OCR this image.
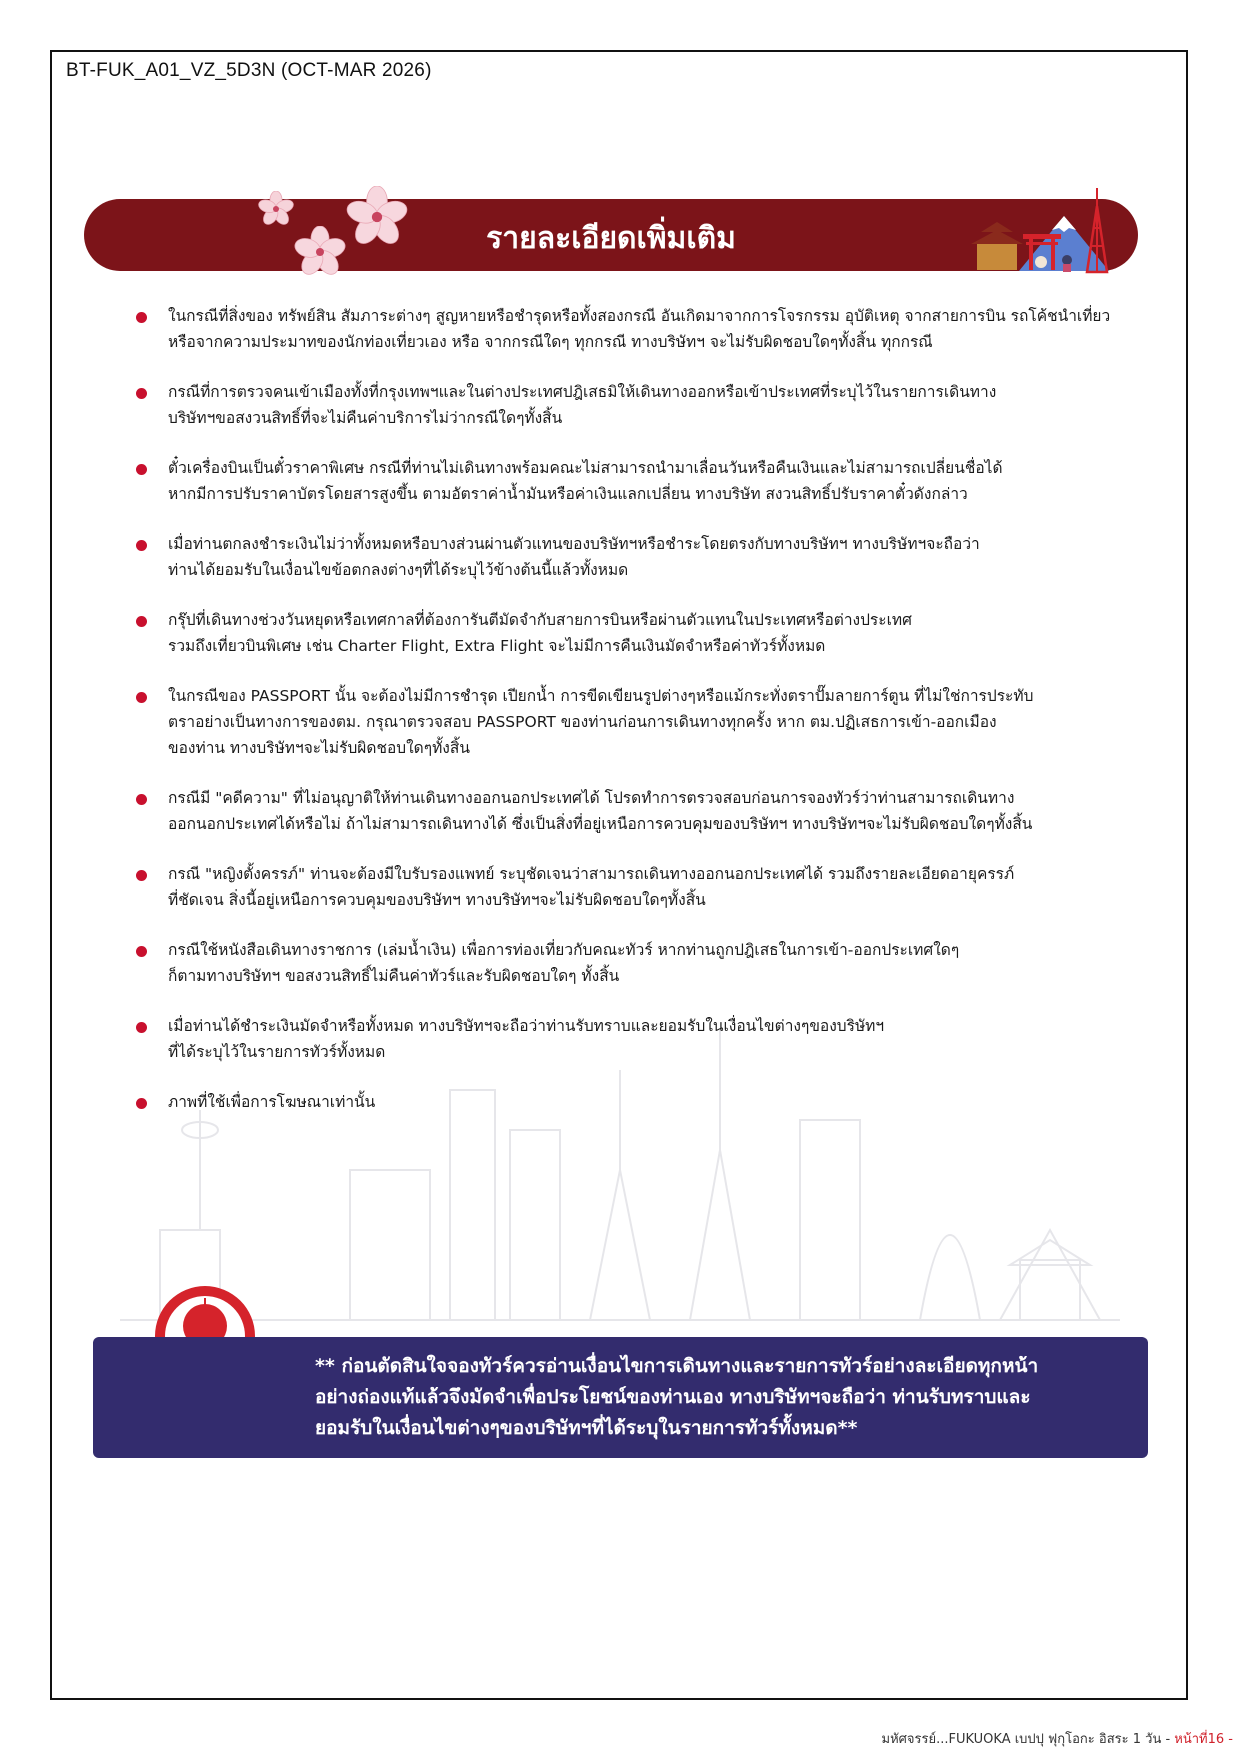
BT-FUK_A01_VZ_5D3N (OCT-MAR 2026)
รายละเอียดเพิ่มเติม
ในกรณีที่สิ่งของ ทรัพย์สิน สัมภาระต่างๆ สูญหายหรือชำรุดหรือทั้งสองกรณี อันเกิดมาจากการโจรกรรม อุบัติเหตุ จากสายการบิน รถโค้ชนำเที่ยว
หรือจากความประมาทของนักท่องเที่ยวเอง หรือ จากกรณีใดๆ ทุกกรณี ทางบริษัทฯ จะไม่รับผิดชอบใดๆทั้งสิ้น ทุกกรณี
กรณีที่การตรวจคนเข้าเมืองทั้งที่กรุงเทพฯและในต่างประเทศปฎิเสธมิให้เดินทางออกหรือเข้าประเทศที่ระบุไว้ในรายการเดินทาง
บริษัทฯขอสงวนสิทธิ์ที่จะไม่คืนค่าบริการไม่ว่ากรณีใดๆทั้งสิ้น
ตั๋วเครื่องบินเป็นตั๋วราคาพิเศษ กรณีที่ท่านไม่เดินทางพร้อมคณะไม่สามารถนำมาเลื่อนวันหรือคืนเงินและไม่สามารถเปลี่ยนชื่อได้
หากมีการปรับราคาบัตรโดยสารสูงขึ้น ตามอัตราค่าน้ำมันหรือค่าเงินแลกเปลี่ยน ทางบริษัท สงวนสิทธิ์ปรับราคาตั๋วดังกล่าว
เมื่อท่านตกลงชำระเงินไม่ว่าทั้งหมดหรือบางส่วนผ่านตัวแทนของบริษัทฯหรือชำระโดยตรงกับทางบริษัทฯ ทางบริษัทฯจะถือว่า
ท่านได้ยอมรับในเงื่อนไขข้อตกลงต่างๆที่ได้ระบุไว้ข้างต้นนี้แล้วทั้งหมด
กรุ๊ปที่เดินทางช่วงวันหยุดหรือเทศกาลที่ต้องการันตีมัดจำกับสายการบินหรือผ่านตัวแทนในประเทศหรือต่างประเทศ
รวมถึงเที่ยวบินพิเศษ เช่น Charter Flight, Extra Flight จะไม่มีการคืนเงินมัดจำหรือค่าทัวร์ทั้งหมด
ในกรณีของ PASSPORT นั้น จะต้องไม่มีการชำรุด เปียกน้ำ การขีดเขียนรูปต่างๆหรือแม้กระทั่งตราปั๊มลายการ์ตูน ที่ไม่ใช่การประทับ
ตราอย่างเป็นทางการของตม. กรุณาตรวจสอบ PASSPORT ของท่านก่อนการเดินทางทุกครั้ง หาก ตม.ปฏิเสธการเข้า-ออกเมือง
ของท่าน ทางบริษัทฯจะไม่รับผิดชอบใดๆทั้งสิ้น
กรณีมี "คดีความ" ที่ไม่อนุญาติให้ท่านเดินทางออกนอกประเทศได้ โปรดทำการตรวจสอบก่อนการจองทัวร์ว่าท่านสามารถเดินทาง
ออกนอกประเทศได้หรือไม่ ถ้าไม่สามารถเดินทางได้ ซึ่งเป็นสิ่งที่อยู่เหนือการควบคุมของบริษัทฯ ทางบริษัทฯจะไม่รับผิดชอบใดๆทั้งสิ้น
กรณี "หญิงตั้งครรภ์" ท่านจะต้องมีใบรับรองแพทย์ ระบุชัดเจนว่าสามารถเดินทางออกนอกประเทศได้ รวมถึงรายละเอียดอายุครรภ์
ที่ชัดเจน สิ่งนี้อยู่เหนือการควบคุมของบริษัทฯ ทางบริษัทฯจะไม่รับผิดชอบใดๆทั้งสิ้น
กรณีใช้หนังสือเดินทางราชการ (เล่มน้ำเงิน) เพื่อการท่องเที่ยวกับคณะทัวร์ หากท่านถูกปฎิเสธในการเข้า-ออกประเทศใดๆ
ก็ตามทางบริษัทฯ ขอสงวนสิทธิ์ไม่คืนค่าทัวร์และรับผิดชอบใดๆ ทั้งสิ้น
เมื่อท่านได้ชำระเงินมัดจำหรือทั้งหมด ทางบริษัทฯจะถือว่าท่านรับทราบและยอมรับในเงื่อนไขต่างๆของบริษัทฯ
ที่ได้ระบุไว้ในรายการทัวร์ทั้งหมด
ภาพที่ใช้เพื่อการโฆษณาเท่านั้น
** ก่อนตัดสินใจจองทัวร์ควรอ่านเงื่อนไขการเดินทางและรายการทัวร์อย่างละเอียดทุกหน้า
อย่างถ่องแท้แล้วจึงมัดจำเพื่อประโยชน์ของท่านเอง ทางบริษัทฯจะถือว่า ท่านรับทราบและ
ยอมรับในเงื่อนไขต่างๆของบริษัทฯที่ได้ระบุในรายการทัวร์ทั้งหมด**
มหัศจรรย์...FUKUOKA เบปปุ ฟุกุโอกะ อิสระ 1 วัน - หน้าที่16 -
